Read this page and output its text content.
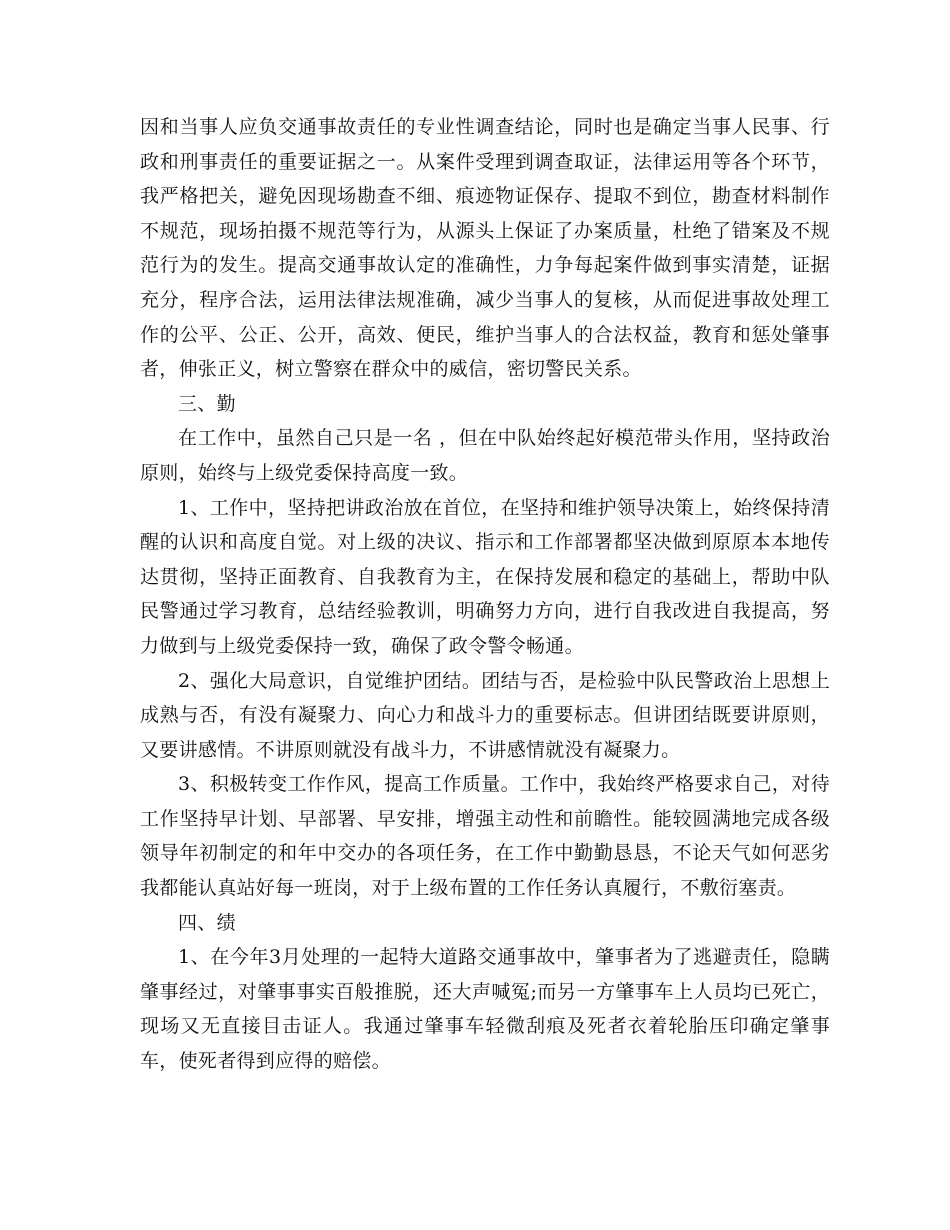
因和当事人应负交通事故责任的专业性调查结论，同时也是确定当事人民事、行政和刑事责任的重要证据之一。从案件受理到调查取证，法律运用等各个环节，我严格把关，避免因现场勘查不细、痕迹物证保存、提取不到位，勘查材料制作不规范，现场拍摄不规范等行为，从源头上保证了办案质量，杜绝了错案及不规范行为的发生。提高交通事故认定的准确性，力争每起案件做到事实清楚，证据充分，程序合法，运用法律法规准确，减少当事人的复核，从而促进事故处理工作的公平、公正、公开，高效、便民，维护当事人的合法权益，教育和惩处肇事者，伸张正义，树立警察在群众中的威信，密切警民关系。

三、勤

在工作中，虽然自己只是一名 ，但在中队始终起好模范带头作用，坚持政治原则，始终与上级党委保持高度一致。

1、工作中，坚持把讲政治放在首位，在坚持和维护领导决策上，始终保持清醒的认识和高度自觉。对上级的决议、指示和工作部署都坚决做到原原本本地传达贯彻，坚持正面教育、自我教育为主，在保持发展和稳定的基础上，帮助中队民警通过学习教育，总结经验教训，明确努力方向，进行自我改进自我提高，努力做到与上级党委保持一致，确保了政令警令畅通。

2、强化大局意识，自觉维护团结。团结与否，是检验中队民警政治上思想上成熟与否，有没有凝聚力、向心力和战斗力的重要标志。但讲团结既要讲原则，又要讲感情。不讲原则就没有战斗力，不讲感情就没有凝聚力。

3、积极转变工作作风，提高工作质量。工作中，我始终严格要求自己，对待工作坚持早计划、早部署、早安排，增强主动性和前瞻性。能较圆满地完成各级领导年初制定的和年中交办的各项任务，在工作中勤勤恳恳，不论天气如何恶劣我都能认真站好每一班岗，对于上级布置的工作任务认真履行，不敷衍塞责。

四、绩

1、在今年3月处理的一起特大道路交通事故中，肇事者为了逃避责任，隐瞒肇事经过，对肇事事实百般推脱，还大声喊冤;而另一方肇事车上人员均已死亡，现场又无直接目击证人。我通过肇事车轻微刮痕及死者衣着轮胎压印确定肇事车，使死者得到应得的赔偿。
